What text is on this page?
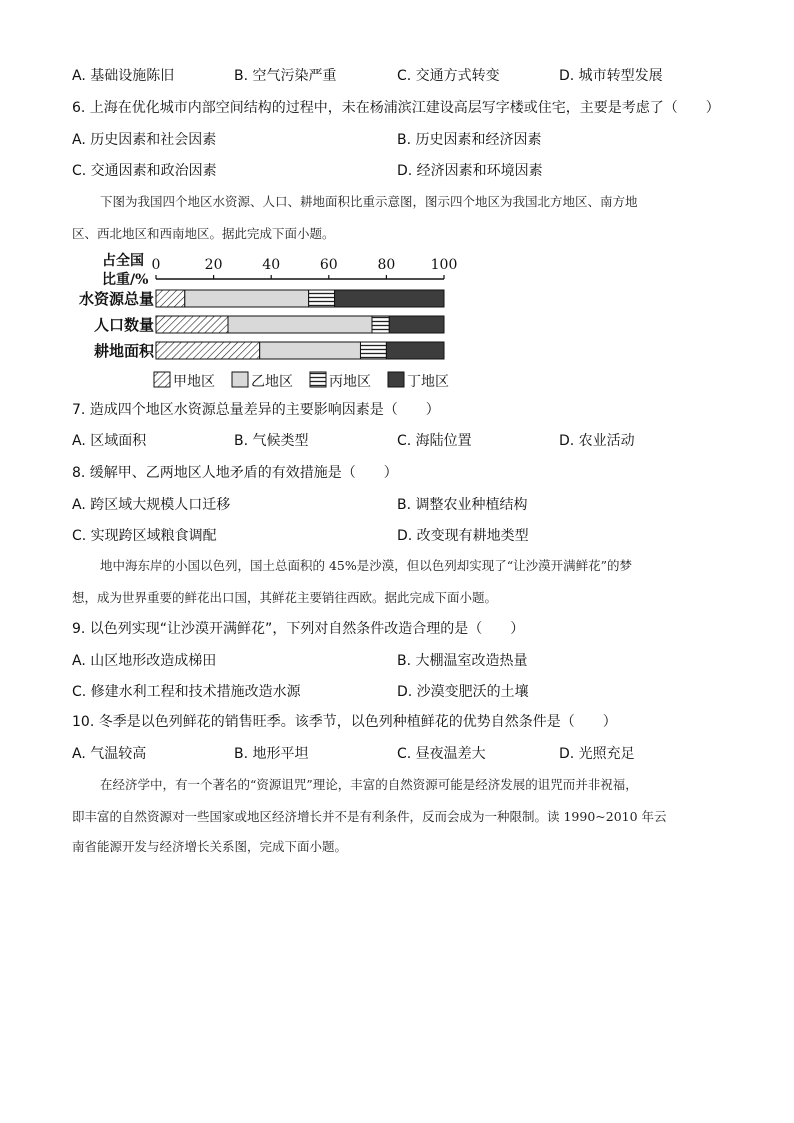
A. 基础设施陈旧	B. 空气污染严重	C. 交通方式转变	D. 城市转型发展
6. 上海在优化城市内部空间结构的过程中，未在杨浦滨江建设高层写字楼或住宅，主要是考虑了（　　）
A. 历史因素和社会因素	B. 历史因素和经济因素
C. 交通因素和政治因素	D. 经济因素和环境因素
下图为我国四个地区水资源、人口、耕地面积比重示意图，图示四个地区为我国北方地区、南方地
区、西北地区和西南地区。据此完成下面小题。
占全国
比重/%
0	20	40	60	80	100
水资源总量
人口数量
耕地面积
甲地区	乙地区	丙地区	丁地区
7. 造成四个地区水资源总量差异的主要影响因素是（　　）
A. 区域面积	B. 气候类型	C. 海陆位置	D. 农业活动
8. 缓解甲、乙两地区人地矛盾的有效措施是（　　）
A. 跨区域大规模人口迁移	B. 调整农业种植结构
C. 实现跨区域粮食调配	D. 改变现有耕地类型
地中海东岸的小国以色列，国土总面积的 45%是沙漠，但以色列却实现了“让沙漠开满鲜花”的梦
想，成为世界重要的鲜花出口国，其鲜花主要销往西欧。据此完成下面小题。
9. 以色列实现“让沙漠开满鲜花”，下列对自然条件改造合理的是（　　）
A. 山区地形改造成梯田	B. 大棚温室改造热量
C. 修建水利工程和技术措施改造水源	D. 沙漠变肥沃的土壤
10. 冬季是以色列鲜花的销售旺季。该季节，以色列种植鲜花的优势自然条件是（　　）
A. 气温较高	B. 地形平坦	C. 昼夜温差大	D. 光照充足
在经济学中，有一个著名的“资源诅咒”理论，丰富的自然资源可能是经济发展的诅咒而并非祝福，
即丰富的自然资源对一些国家或地区经济增长并不是有利条件，反而会成为一种限制。读 1990~2010 年云
南省能源开发与经济增长关系图，完成下面小题。
